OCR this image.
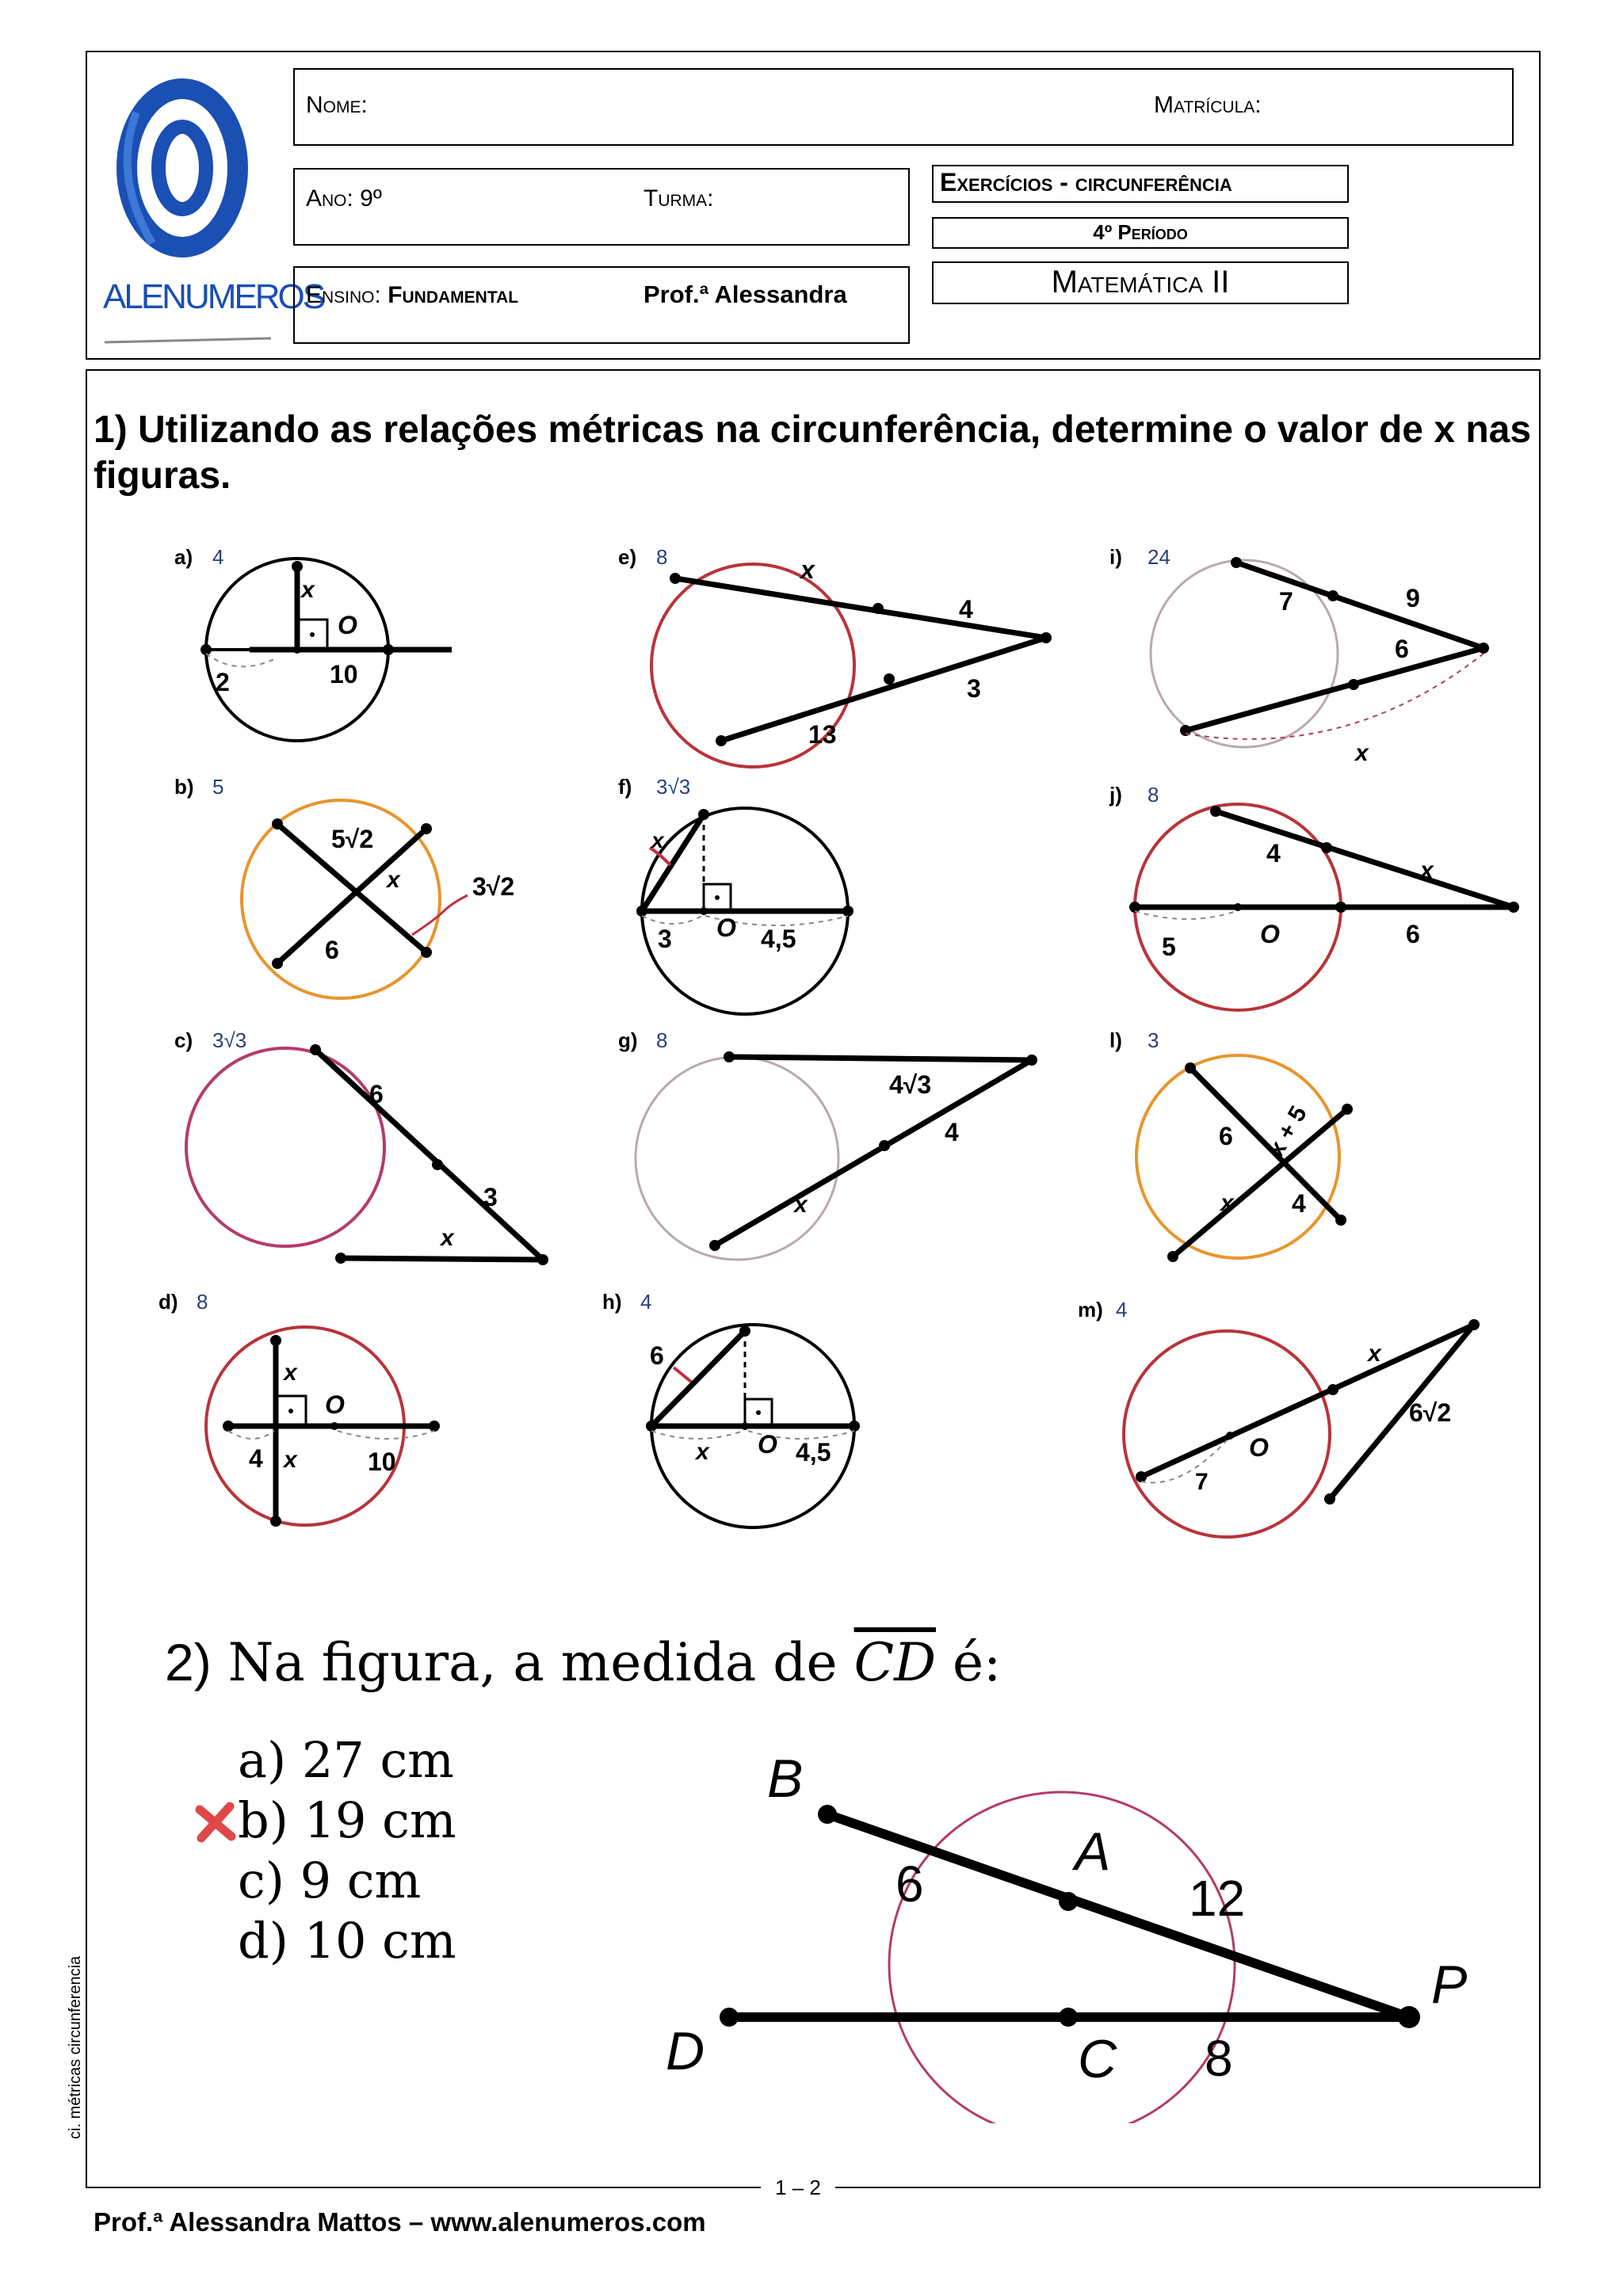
ALENUMEROS
Nome:	Matrícula:
Ano: 9º	Turma:
Ensino: Fundamental	Prof.ª Alessandra
Exercícios - circunferência
4º Período
Matemática II
1) Utilizando as relações métricas na circunferência, determine o valor de x nas figuras.
a) 4
x
O
2	10
e) 8	x
4
3
13
i) 24
7	9
6
x
b) 5
5√2
x
6
3√2
f) 3√3
x
3 O 4,5
j) 8
4
x
5	O	6
c) 3√3
6
3
x
g) 8
4√3
4
x
l) 3
6 x + 5
x 4
d) 8
x
O
4 x	10
h) 4
6
x O 4,5
m) 4
x
O
6√2
7
2) Na figura, a medida de $\overline{CD}$ é:
a) 27 cm
b) 19 cm
c) 9 cm
d) 10 cm
B
A
P
D	C
6	12
8
ci. métricas circunferencia
1 – 2
Prof.ª Alessandra Mattos – www.alenumeros.com
